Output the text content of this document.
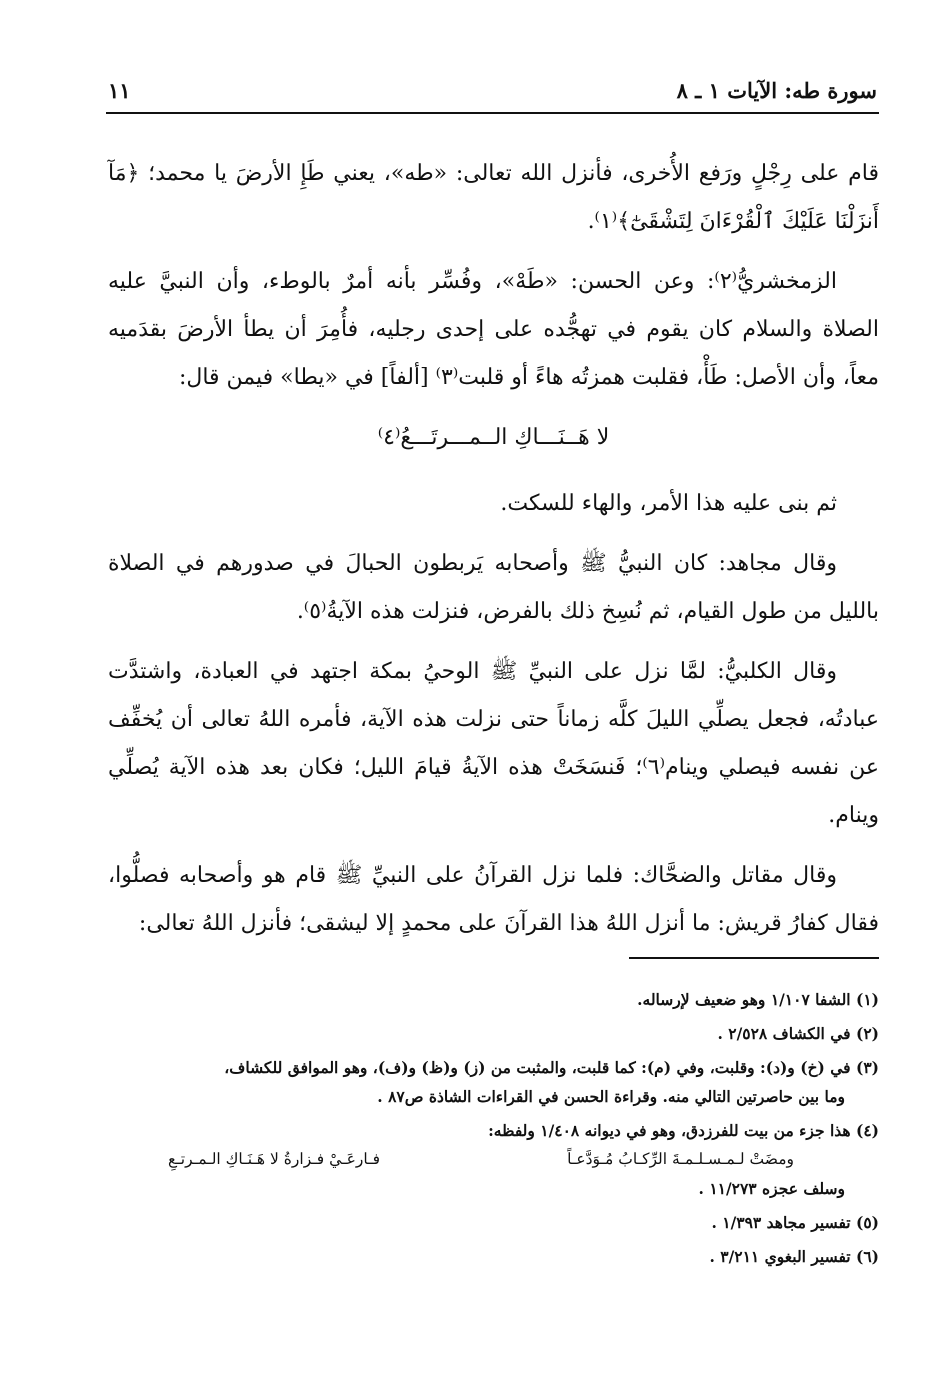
١١	سورة طه: الآيات ١ ـ ٨

قام على رِجْلٍ ورَفع الأُخرى، فأنزل الله تعالى: «طه»، يعني طَإِ الأرضَ يا محمد؛ ﴿مَآ أَنزَلْنَا عَلَيْكَ ٱلْقُرْءَانَ لِتَشْقَىٰٓ﴾⁽١⁾.

الزمخشريُّ⁽٢⁾: وعن الحسن: «طَهْ»، وفُسِّر بأنه أمرٌ بالوطء، وأن النبيَّ عليه الصلاة والسلام كان يقوم في تهجُّده على إحدى رجليه، فأُمِرَ أن يطأ الأرضَ بقدَميه معاً، وأن الأصل: طَأْ، فقلبت همزتُه هاءً أو قلبت⁽٣⁾ [ألفاً] في «يطا» فيمن قال:

لا هَــنَـــاكِ الــمـــرتَـــعُ⁽٤⁾

ثم بنى عليه هذا الأمر، والهاء للسكت.

وقال مجاهد: كان النبيُّ ﷺ وأصحابه يَربطون الحبالَ في صدورهم في الصلاة بالليل من طول القيام، ثم نُسِخ ذلك بالفرض، فنزلت هذه الآيةُ⁽٥⁾.

وقال الكلبيُّ: لمَّا نزل على النبيِّ ﷺ الوحيُ بمكة اجتهد في العبادة، واشتدَّت عبادتُه، فجعل يصلِّي الليلَ كلَّه زماناً حتى نزلت هذه الآية، فأمره اللهُ تعالى أن يُخفِّف عن نفسه فيصلي وينام⁽٦⁾؛ فَنسَخَتْ هذه الآيةُ قيامَ الليل؛ فكان بعد هذه الآية يُصلِّي وينام.

وقال مقاتل والضحَّاك: فلما نزل القرآنُ على النبيِّ ﷺ قام هو وأصحابه فصلُّوا، فقال كفارُ قريش: ما أنزل اللهُ هذا القرآنَ على محمدٍ إلا ليشقى؛ فأنزل اللهُ تعالى:

(١) الشفا ١/١٠٧ وهو ضعيف لإرساله.
(٢) في الكشاف ٢/٥٢٨ .
(٣) في (خ) و(د): وقلبت، وفي (م): كما قلبت، والمثبت من (ز) و(ظ) و(ف)، وهو الموافق للكشاف،
وما بين حاصرتين التالي منه. وقراءة الحسن في القراءات الشاذة ص٨٧ .
(٤) هذا جزء من بيت للفرزدق، وهو في ديوانه ١/٤٠٨ ولفظه:
ومضَتْ لـمـسـلـمـةَ الرِّكـابُ مُـوَدَّعـاً
فـارعَـيْ فـزارةُ لا هَـنَـاكِ الـمـرتـعِ
وسلف عجزه ١١/٢٧٣ .
(٥) تفسير مجاهد ١/٣٩٣ .
(٦) تفسير البغوي ٣/٢١١ .
